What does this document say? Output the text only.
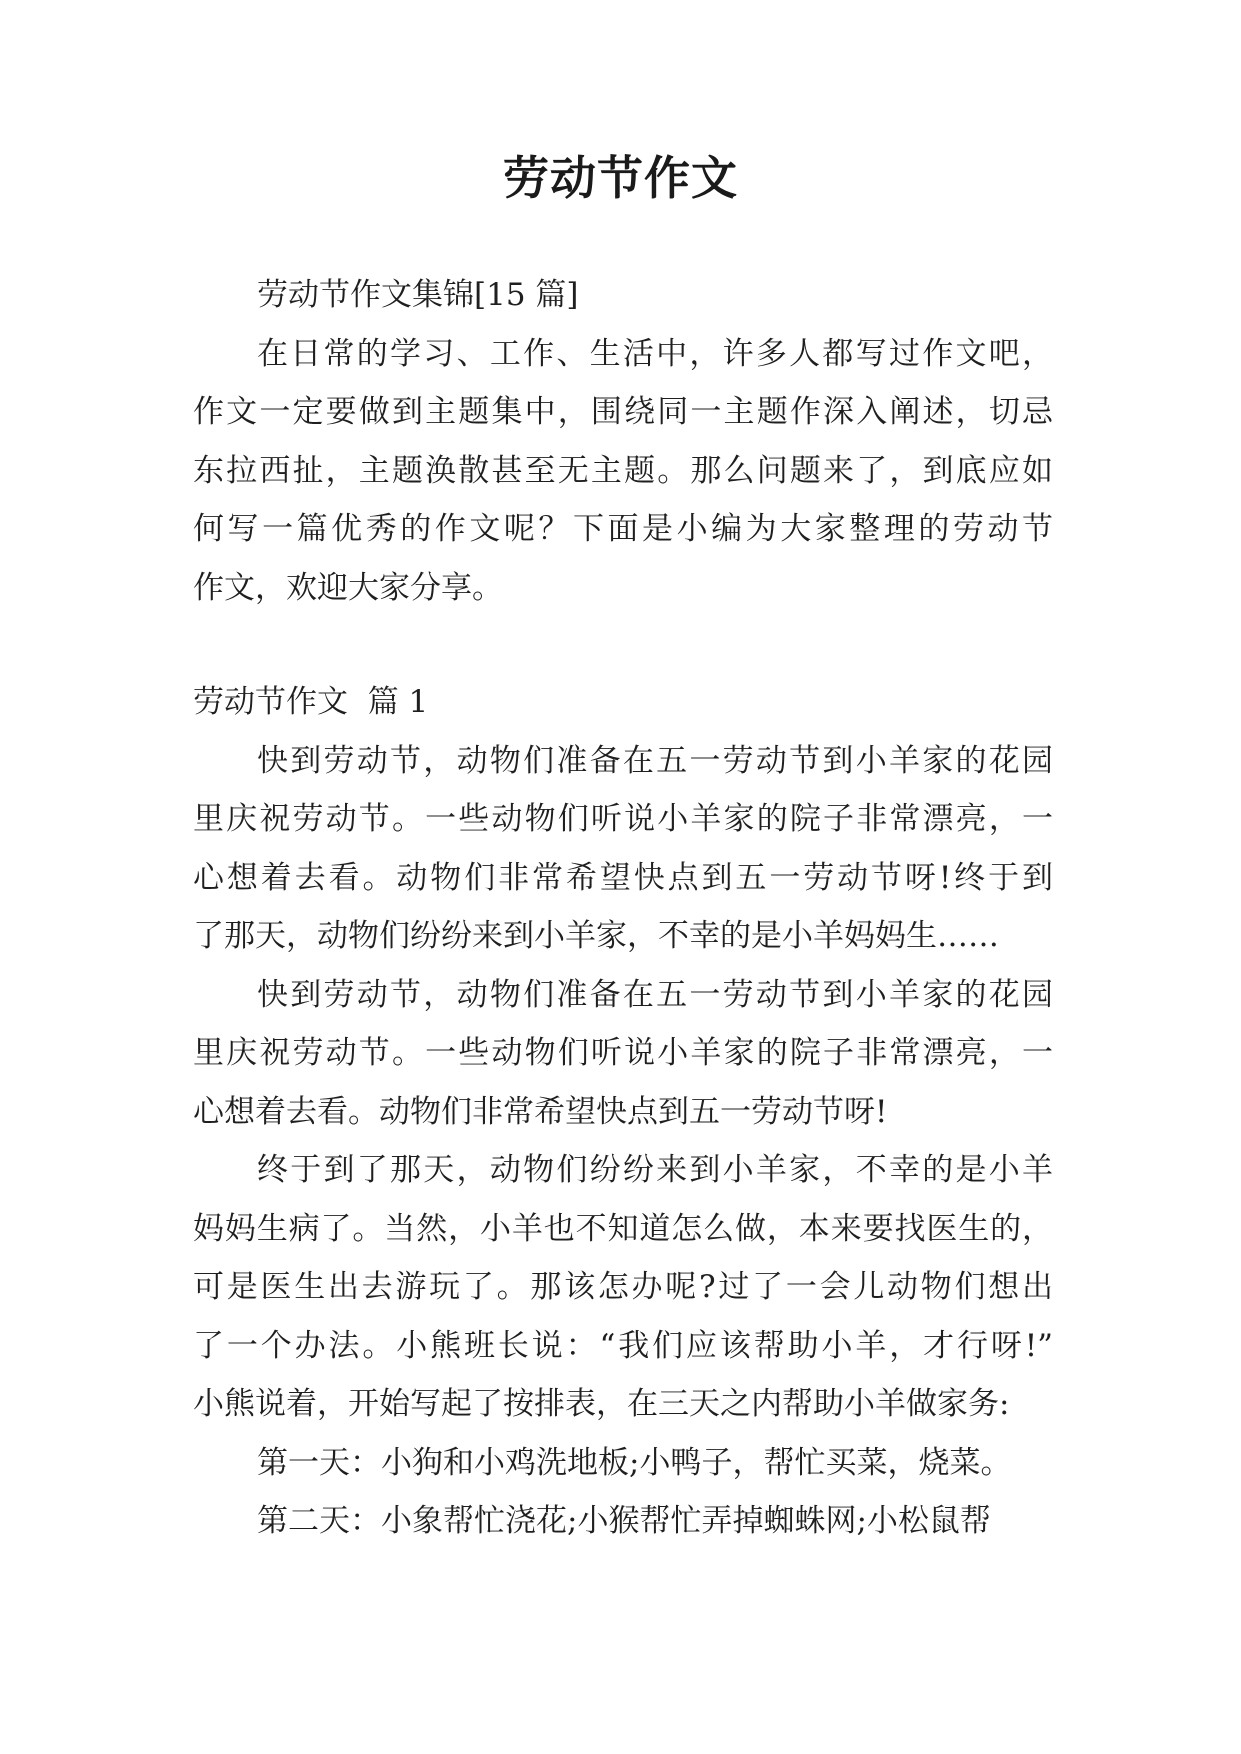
劳动节作文
劳动节作文集锦[15 篇]
在日常的学习、工作、生活中，许多人都写过作文吧，
作文一定要做到主题集中，围绕同一主题作深入阐述，切忌
东拉西扯，主题涣散甚至无主题。那么问题来了，到底应如
何写一篇优秀的作文呢？下面是小编为大家整理的劳动节
作文，欢迎大家分享。
劳动节作文  篇 1
快到劳动节，动物们准备在五一劳动节到小羊家的花园
里庆祝劳动节。一些动物们听说小羊家的院子非常漂亮，一
心想着去看。动物们非常希望快点到五一劳动节呀!终于到
了那天，动物们纷纷来到小羊家，不幸的是小羊妈妈生……
快到劳动节，动物们准备在五一劳动节到小羊家的花园
里庆祝劳动节。一些动物们听说小羊家的院子非常漂亮，一
心想着去看。动物们非常希望快点到五一劳动节呀!
终于到了那天，动物们纷纷来到小羊家，不幸的是小羊
妈妈生病了。当然，小羊也不知道怎么做，本来要找医生的，
可是医生出去游玩了。那该怎办呢?过了一会儿动物们想出
了一个办法。小熊班长说：“我们应该帮助小羊，才行呀!”
小熊说着，开始写起了按排表，在三天之内帮助小羊做家务:
第一天：小狗和小鸡洗地板;小鸭子，帮忙买菜，烧菜。
第二天：小象帮忙浇花;小猴帮忙弄掉蜘蛛网;小松鼠帮
